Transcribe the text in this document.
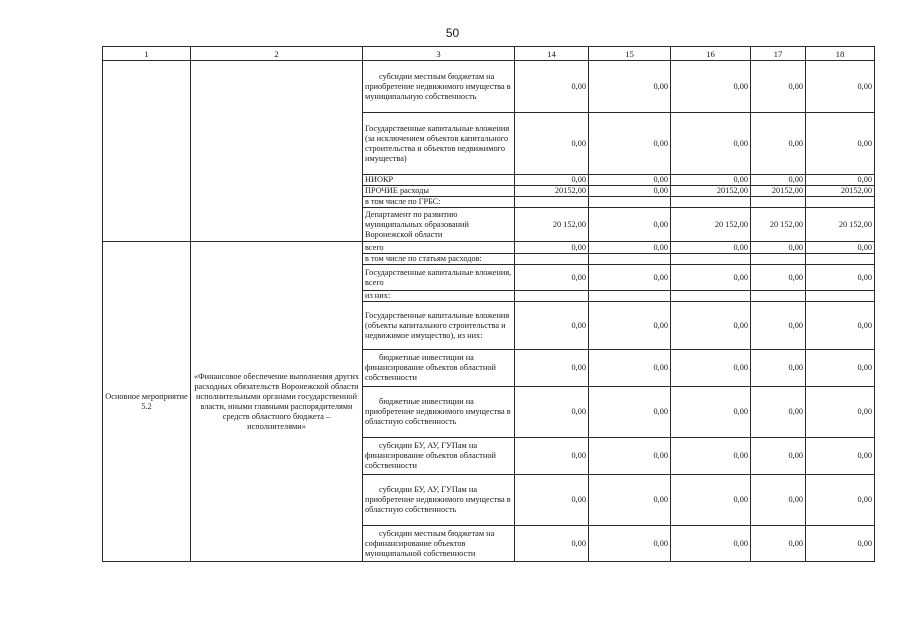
50
1	2	3	14	15	16	17	18
		субсидии местным бюджетам на приобретение недвижимого имущества в муниципальную собственность	0,00	0,00	0,00	0,00	0,00
		Государственные капитальные вложения (за исключением объектов капитального строительства и объектов недвижимого имущества)	0,00	0,00	0,00	0,00	0,00
		НИОКР	0,00	0,00	0,00	0,00	0,00
		ПРОЧИЕ расходы	20152,00	0,00	20152,00	20152,00	20152,00
		в том числе по ГРБС:					
		Департамент по развитию муниципальных образований Воронежской области	20 152,00	0,00	20 152,00	20 152,00	20 152,00
Основное мероприятие 5.2	«Финансовое обеспечение выполнения других расходных обязательств Воронежской области исполнительными органами государственной власти, иными главными распорядителями средств областного бюджета – исполнителями»	всего	0,00	0,00	0,00	0,00	0,00
		в том числе по статьям расходов:					
		Государственные капитальные вложения, всего	0,00	0,00	0,00	0,00	0,00
		из них:					
		Государственные капитальные вложения (объекты капитального строительства и недвижимое имущество), из них:	0,00	0,00	0,00	0,00	0,00
		бюджетные инвестиции на финансирование объектов областной собственности	0,00	0,00	0,00	0,00	0,00
		бюджетные инвестиции на приобретение недвижимого имущества в областную собственность	0,00	0,00	0,00	0,00	0,00
		субсидии БУ, АУ, ГУПам на финансирование объектов областной собственности	0,00	0,00	0,00	0,00	0,00
		субсидии БУ, АУ, ГУПам на приобретение недвижимого имущества в областную собственность	0,00	0,00	0,00	0,00	0,00
		субсидии местным бюджетам на софинансирование объектов муниципальной собственности	0,00	0,00	0,00	0,00	0,00
